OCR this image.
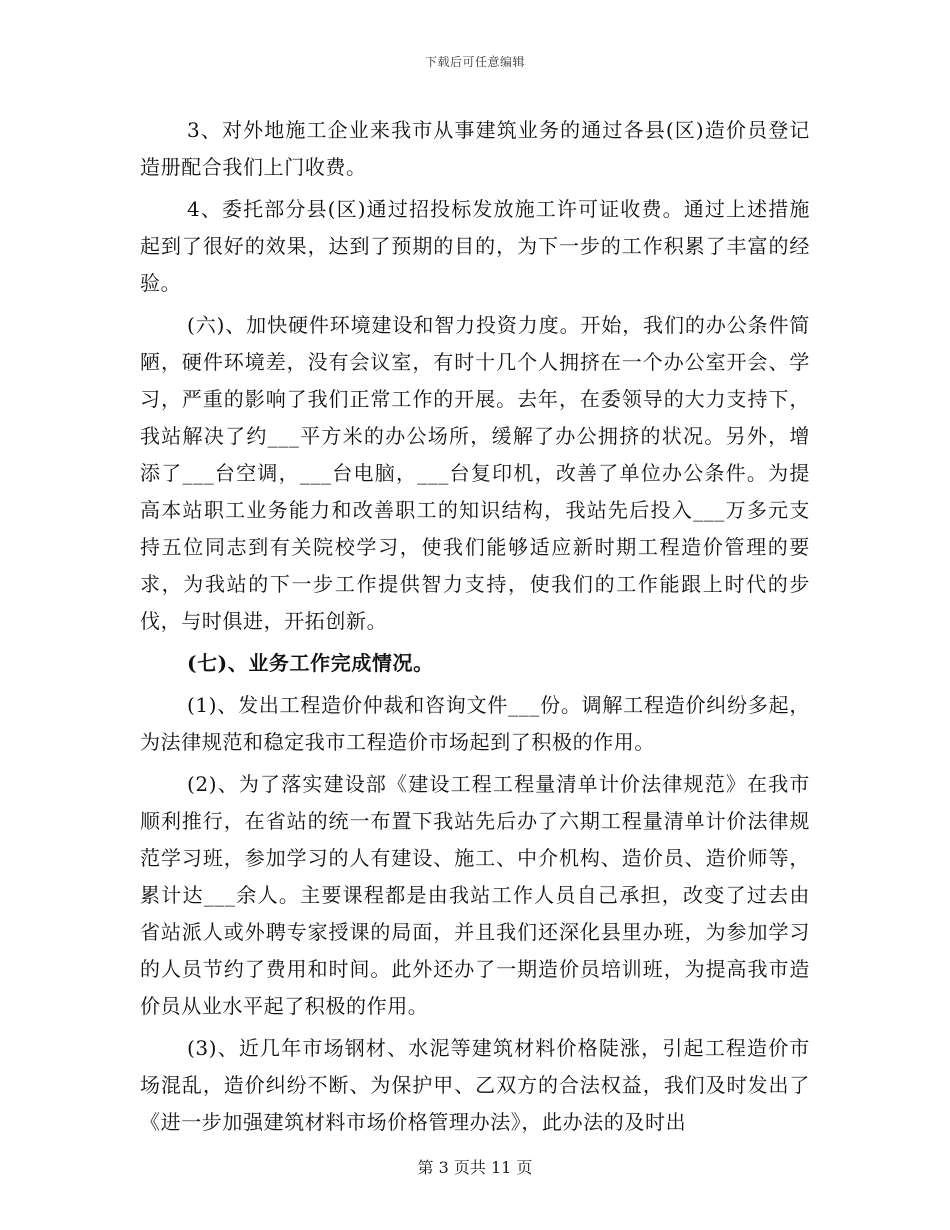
下载后可任意编辑

3、对外地施工企业来我市从事建筑业务的通过各县(区)造价员登记造册配合我们上门收费。

4、委托部分县(区)通过招投标发放施工许可证收费。通过上述措施起到了很好的效果，达到了预期的目的，为下一步的工作积累了丰富的经验。

(六)、加快硬件环境建设和智力投资力度。开始，我们的办公条件简陋，硬件环境差，没有会议室，有时十几个人拥挤在一个办公室开会、学习，严重的影响了我们正常工作的开展。去年，在委领导的大力支持下，我站解决了约___平方米的办公场所，缓解了办公拥挤的状况。另外，增添了___台空调，___台电脑，___台复印机，改善了单位办公条件。为提高本站职工业务能力和改善职工的知识结构，我站先后投入___万多元支持五位同志到有关院校学习，使我们能够适应新时期工程造价管理的要求，为我站的下一步工作提供智力支持，使我们的工作能跟上时代的步伐，与时俱进，开拓创新。

(七)、业务工作完成情况。

(1)、发出工程造价仲裁和咨询文件___份。调解工程造价纠纷多起，为法律规范和稳定我市工程造价市场起到了积极的作用。

(2)、为了落实建设部《建设工程工程量清单计价法律规范》在我市顺利推行，在省站的统一布置下我站先后办了六期工程量清单计价法律规范学习班，参加学习的人有建设、施工、中介机构、造价员、造价师等，累计达___余人。主要课程都是由我站工作人员自己承担，改变了过去由省站派人或外聘专家授课的局面，并且我们还深化县里办班，为参加学习的人员节约了费用和时间。此外还办了一期造价员培训班，为提高我市造价员从业水平起了积极的作用。

(3)、近几年市场钢材、水泥等建筑材料价格陡涨，引起工程造价市场混乱，造价纠纷不断、为保护甲、乙双方的合法权益，我们及时发出了《进一步加强建筑材料市场价格管理办法》，此办法的及时出

第 3 页共 11 页
